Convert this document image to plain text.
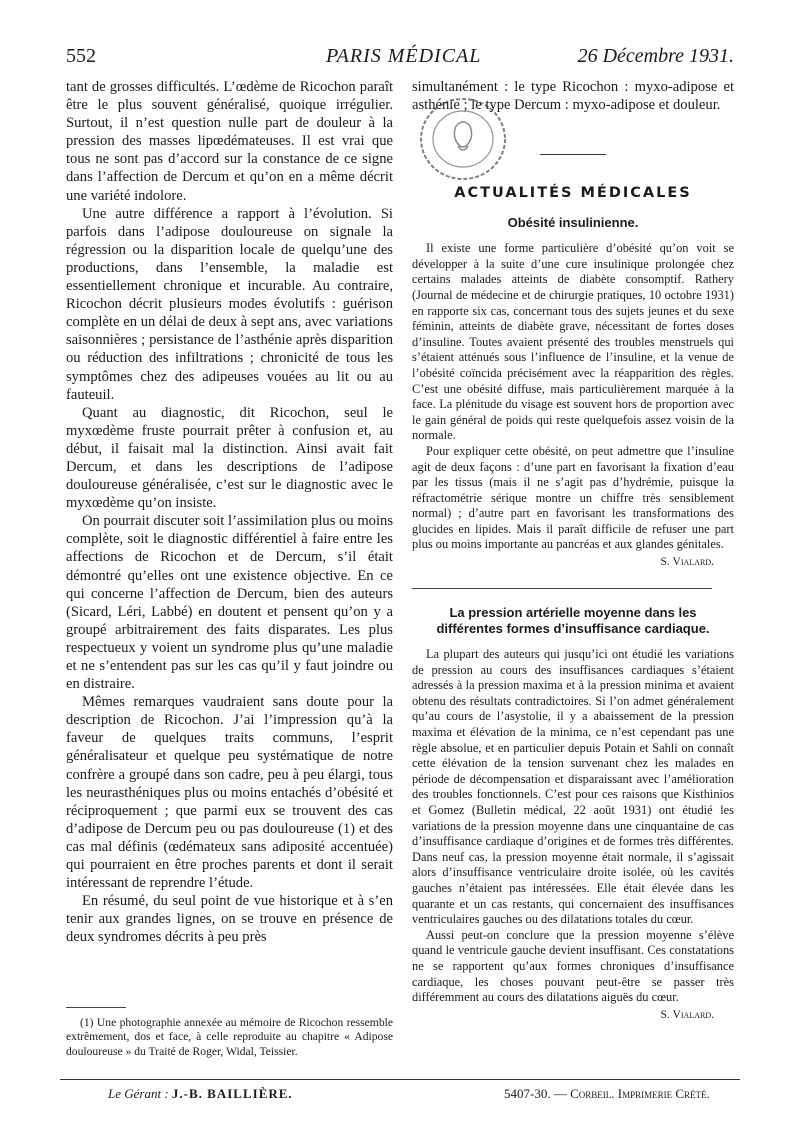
552	PARIS MÉDICAL	26 Décembre 1931.

tant de grosses difficultés. L’œdème de Ricochon paraît être le plus souvent généralisé, quoique irrégulier. Surtout, il n’est question nulle part de douleur à la pression des masses lipœdémateuses. Il est vrai que tous ne sont pas d’accord sur la constance de ce signe dans l’affection de Dercum et qu’on en a même décrit une variété indolore.

Une autre différence a rapport à l’évolution. Si parfois dans l’adipose douloureuse on signale la régression ou la disparition locale de quelqu’une des productions, dans l’ensemble, la maladie est essentiellement chronique et incurable. Au contraire, Ricochon décrit plusieurs modes évolutifs : guérison complète en un délai de deux à sept ans, avec variations saisonnières ; persistance de l’asthénie après disparition ou réduction des infiltrations ; chronicité de tous les symptômes chez des adipeuses vouées au lit ou au fauteuil.

Quant au diagnostic, dit Ricochon, seul le myxœdème fruste pourrait prêter à confusion et, au début, il faisait mal la distinction. Ainsi avait fait Dercum, et dans les descriptions de l’adipose douloureuse généralisée, c’est sur le diagnostic avec le myxœdème qu’on insiste.

On pourrait discuter soit l’assimilation plus ou moins complète, soit le diagnostic différentiel à faire entre les affections de Ricochon et de Dercum, s’il était démontré qu’elles ont une existence objective. En ce qui concerne l’affection de Dercum, bien des auteurs (Sicard, Léri, Labbé) en doutent et pensent qu’on y a groupé arbitrairement des faits disparates. Les plus respectueux y voient un syndrome plus qu’une maladie et ne s’entendent pas sur les cas qu’il y faut joindre ou en distraire.

Mêmes remarques vaudraient sans doute pour la description de Ricochon. J’ai l’impression qu’à la faveur de quelques traits communs, l’esprit généralisateur et quelque peu systématique de notre confrère a groupé dans son cadre, peu à peu élargi, tous les neurasthéniques plus ou moins entachés d’obésité et réciproquement ; que parmi eux se trouvent des cas d’adipose de Dercum peu ou pas douloureuse (1) et des cas mal définis (œdémateux sans adiposité accentuée) qui pourraient en être proches parents et dont il serait intéressant de reprendre l’étude.

En résumé, du seul point de vue historique et à s’en tenir aux grandes lignes, on se trouve en présence de deux syndromes décrits à peu près

(1) Une photographie annexée au mémoire de Ricochon ressemble extrêmement, dos et face, à celle reproduite au chapitre « Adipose douloureuse » du Traité de Roger, Widal, Teissier.

simultanément : le type Ricochon : myxo-adipose et asthénie ; le type Dercum : myxo-adipose et douleur.

ACTUALITÉS MÉDICALES
Obésité insulinienne.

Il existe une forme particulière d’obésité qu’on voit se développer à la suite d’une cure insulinique prolongée chez certains malades atteints de diabète consomptif. Rathery (Journal de médecine et de chirurgie pratiques, 10 octobre 1931) en rapporte six cas, concernant tous des sujets jeunes et du sexe féminin, atteints de diabète grave, nécessitant de fortes doses d’insuline. Toutes avaient présenté des troubles menstruels qui s’étaient atténués sous l’influence de l’insuline, et la venue de l’obésité coïncida précisément avec la réapparition des règles. C’est une obésité diffuse, mais particulièrement marquée à la face. La plénitude du visage est souvent hors de proportion avec le gain général de poids qui reste quelquefois assez voisin de la normale.

Pour expliquer cette obésité, on peut admettre que l’insuline agit de deux façons : d’une part en favorisant la fixation d’eau par les tissus (mais il ne s’agit pas d’hydrémie, puisque la réfractométrie sérique montre un chiffre très sensiblement normal) ; d’autre part en favorisant les transformations des glucides en lipides. Mais il paraît difficile de refuser une part plus ou moins importante au pancréas et aux glandes génitales.

S. Vialard.
La pression artérielle moyenne dans les différentes formes d’insuffisance cardiaque.

La plupart des auteurs qui jusqu’ici ont étudié les variations de pression au cours des insuffisances cardiaques s’étaient adressés à la pression maxima et à la pression minima et avaient obtenu des résultats contradictoires. Si l’on admet généralement qu’au cours de l’asystolie, il y a abaissement de la pression maxima et élévation de la minima, ce n’est cependant pas une règle absolue, et en particulier depuis Potain et Sahli on connaît cette élévation de la tension survenant chez les malades en période de décompensation et disparaissant avec l’amélioration des troubles fonctionnels. C’est pour ces raisons que Kisthinios et Gomez (Bulletin médical, 22 août 1931) ont étudié les variations de la pression moyenne dans une cinquantaine de cas d’insuffisance cardiaque d’origines et de formes très différentes. Dans neuf cas, la pression moyenne était normale, il s’agissait alors d’insuffisance ventriculaire droite isolée, où les cavités gauches n’étaient pas intéressées. Elle était élevée dans les quarante et un cas restants, qui concernaient des insuffisances ventriculaires gauches ou des dilatations totales du cœur.

Aussi peut-on conclure que la pression moyenne s’élève quand le ventricule gauche devient insuffisant. Ces constatations ne se rapportent qu’aux formes chroniques d’insuffisance cardiaque, les choses pouvant peut-être se passer très différemment au cours des dilatations aiguës du cœur.

S. Vialard.
Le Gérant : J.-B. BAILLIÈRE.	5407-30. — Corbeil. Imprimerie Crété.
